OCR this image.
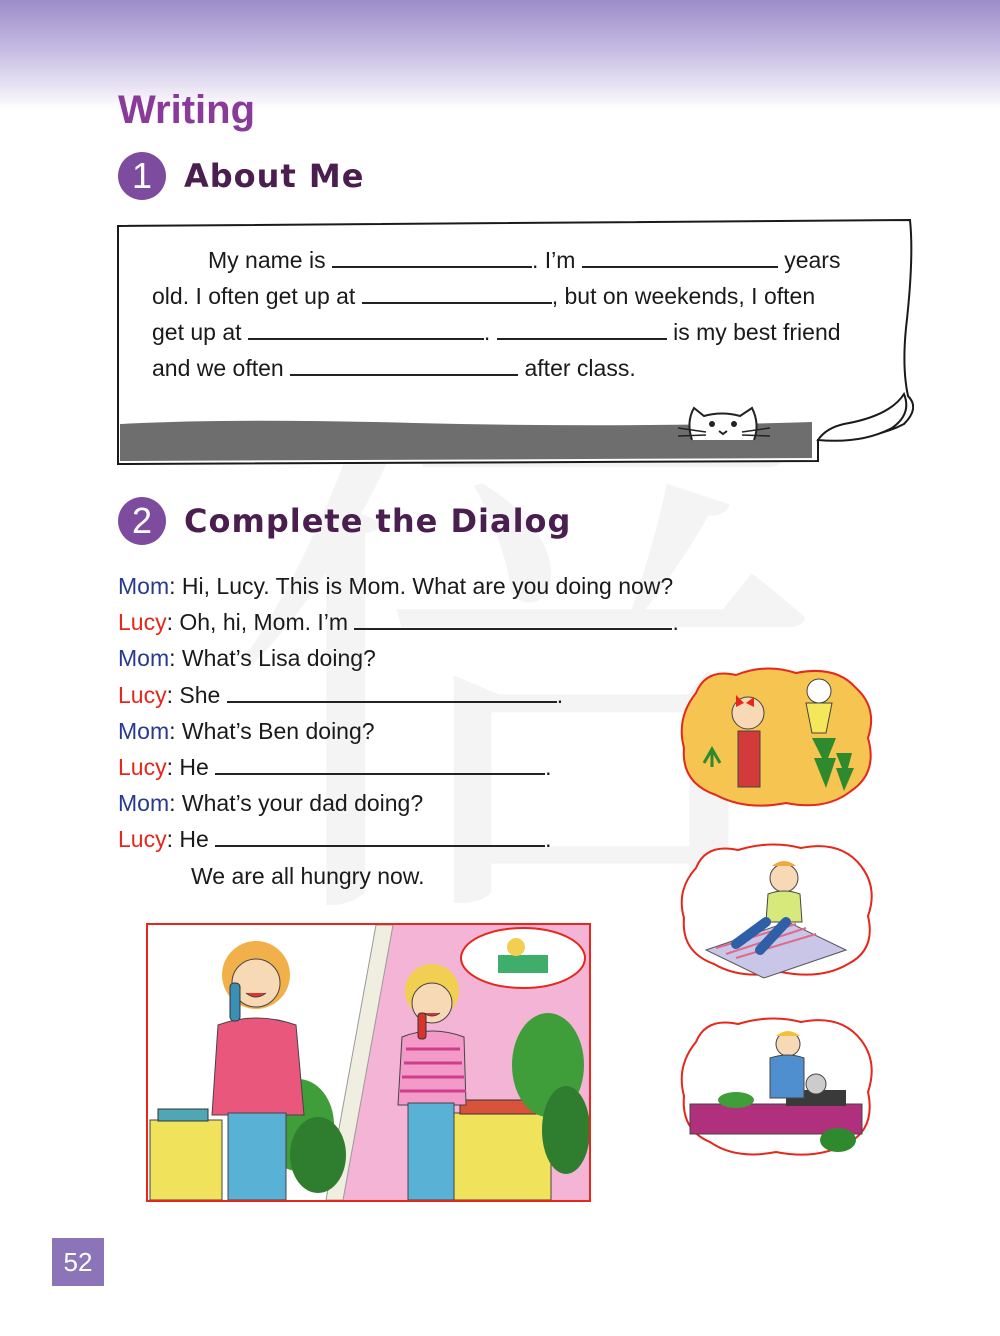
Writing
1 About Me
My name is	. I’m	years
old. I often get up at	, but on weekends, I often
get up at	.	is my best friend
and we often	after class.
2 Complete the Dialog
Mom: Hi, Lucy. This is Mom. What are you doing now?
Lucy: Oh, hi, Mom. I’m	.
Mom: What’s Lisa doing?
Lucy: She	.
Mom: What’s Ben doing?
Lucy: He	.
Mom: What’s your dad doing?
Lucy: He	.
We are all hungry now.
52
